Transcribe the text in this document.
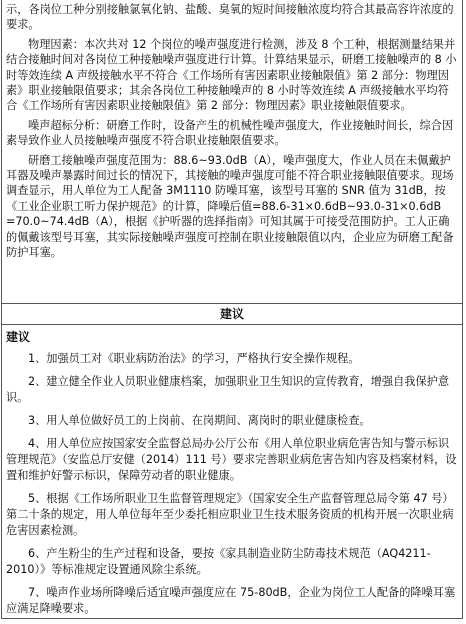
示，各岗位工种分别接触氯氧化钠、盐酸、臭氧的短时间接触浓度均符合其最高容许浓度的要求。

物理因素：本次共对 12 个岗位的噪声强度进行检测，涉及 8 个工种，根据测量结果并结合接触时间对各岗位工种接触噪声强度进行计算。计算结果显示，研磨工接触噪声的 8 小时等效连续 A 声级接触水平不符合《工作场所有害因素职业接触限值》第 2 部分：物理因素》职业接触限值要求；其余各岗位工种接触噪声的 8 小时等效连续 A 声级接触水平均符合《工作场所有害因素职业接触限值》第 2 部分：物理因素》职业接触限值要求。

噪声超标分析：研磨工作时，设备产生的机械性噪声强度大，作业接触时间长，综合因素导致作业人员接触噪声强度不符合职业接触限值要求。

研磨工接触噪声强度范围为：88.6~93.0dB（A），噪声强度大，作业人员在未佩戴护耳器及噪声暴露时间过长的情况下，其接触的噪声强度可能不符合职业接触限值要求。现场调查显示，用人单位为工人配备 3M1110 防噪耳塞，该型号耳塞的 SNR 值为 31dB，按《工业企业职工听力保护规范》的计算，降噪后值=88.6-31×0.6dB~93.0-31×0.6dB =70.0~74.4dB（A），根据《护听器的选择指南》可知其属于可接受范围防护。工人正确的佩戴该型号耳塞，其实际接触噪声强度可控制在职业接触限值以内，企业应为研磨工配备防护耳塞。

建议
建议

1、加强员工对《职业病防治法》的学习，严格执行安全操作规程。

2、建立健全作业人员职业健康档案，加强职业卫生知识的宣传教育，增强自我保护意识。

3、用人单位做好员工的上岗前、在岗期间、离岗时的职业健康检查。

4、用人单位应按国家安全监督总局办公厅公布《用人单位职业病危害告知与警示标识管理规范》（安监总厅安健（2014）111 号）要求完善职业病危害告知内容及档案材料，设置和维护好警示标识，保障劳动者的职业健康。

5、根据《工作场所职业卫生监督管理规定》（国家安全生产监督管理总局令第 47 号）第二十条的规定，用人单位每年至少委托相应职业卫生技术服务资质的机构开展一次职业病危害因素检测。

6、产生粉尘的生产过程和设备，要按《家具制造业防尘防毒技术规范（AQ4211-2010）》等标准规定设置通风除尘系统。

7、噪声作业场所降噪后适宜噪声强度应在 75-80dB，企业为岗位工人配备的降噪耳塞应满足降噪要求。
